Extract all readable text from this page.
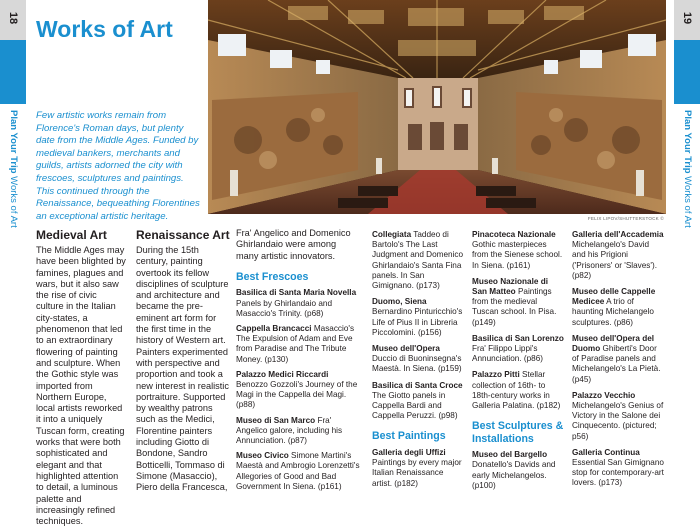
18
Plan Your Trip Works of Art
19
Plan Your Trip Works of Art
Works of Art

Few artistic works remain from Florence's Roman days, but plenty date from the Middle Ages. Funded by medieval bankers, merchants and guilds, artists adorned the city with frescoes, sculptures and paintings. This continued through the Renaissance, bequeathing Florentines an exceptional artistic heritage.	FELIX LIPOV/SHUTTERSTOCK ©
Medieval Art

The Middle Ages may have been blighted by famines, plagues and wars, but it also saw the rise of civic culture in the Italian city-states, a phenomenon that led to an extraordinary flowering of painting and sculpture. When the Gothic style was imported from Northern Europe, local artists reworked it into a uniquely Tuscan form, creating works that were both sophisticated and elegant and that highlighted attention to detail, a luminous palette and increasingly refined techniques.

Renaissance Art

During the 15th century, painting overtook its fellow disciplines of sculpture and architecture and became the pre-eminent art form for the first time in the history of Western art. Painters experimented with perspective and proportion and took a new interest in realistic portraiture. Supported by wealthy patrons such as the Medici, Florentine painters including Giotto di Bondone, Sandro Botticelli, Tommaso di Simone (Masaccio), Piero della Francesca,

Fra' Angelico and Domenico Ghirlandaio were among many artistic innovators.

Best Frescoes
Basilica di Santa Maria Novella Panels by Ghirlandaio and Masaccio's Trinity. (p68)
Cappella Brancacci Masaccio's The Expulsion of Adam and Eve from Paradise and The Tribute Money. (p130)
Palazzo Medici Riccardi Benozzo Gozzoli's Journey of the Magi in the Cappella dei Magi. (p88)
Museo di San Marco Fra' Angelico galore, including his Annunciation. (p87)
Museo Civico Simone Martini's Maestà and Ambrogio Lorenzetti's Allegories of Good and Bad Government In Siena. (p161)
Collegiata Taddeo di Bartolo's The Last Judgment and Domenico Ghirlandaio's Santa Fina panels. In San Gimignano. (p173)
Duomo, Siena Bernardino Pinturicchio's Life of Pius II in Libreria Piccolomini. (p156)
Museo dell'Opera Duccio di Buoninsegna's Maestà. In Siena. (p159)
Basilica di Santa Croce The Giotto panels in Cappella Bardi and Cappella Peruzzi. (p98)
Best Paintings
Galleria degli Uffizi Paintings by every major Italian Renaissance artist. (p182)
Pinacoteca Nazionale Gothic masterpieces from the Sienese school. In Siena. (p161)
Museo Nazionale di San Matteo Paintings from the medieval Tuscan school. In Pisa. (p149)
Basilica di San Lorenzo Fra' Filippo Lippi's Annunciation. (p86)
Palazzo Pitti Stellar collection of 16th- to 18th-century works in Galleria Palatina. (p182)
Best Sculptures & Installations
Museo del Bargello Donatello's Davids and early Michelangelos. (p100)
Galleria dell'Accademia Michelangelo's David and his Prigioni ('Prisoners' or 'Slaves'). (p82)
Museo delle Cappelle Medicee A trio of haunting Michelangelo sculptures. (p86)
Museo dell'Opera del Duomo Ghiberti's Door of Paradise panels and Michelangelo's La Pietà. (p45)
Palazzo Vecchio Michelangelo's Genius of Victory in the Salone dei Cinquecento. (pictured; p56)
Galleria Continua Essential San Gimignano stop for contemporary-art lovers. (p173)
